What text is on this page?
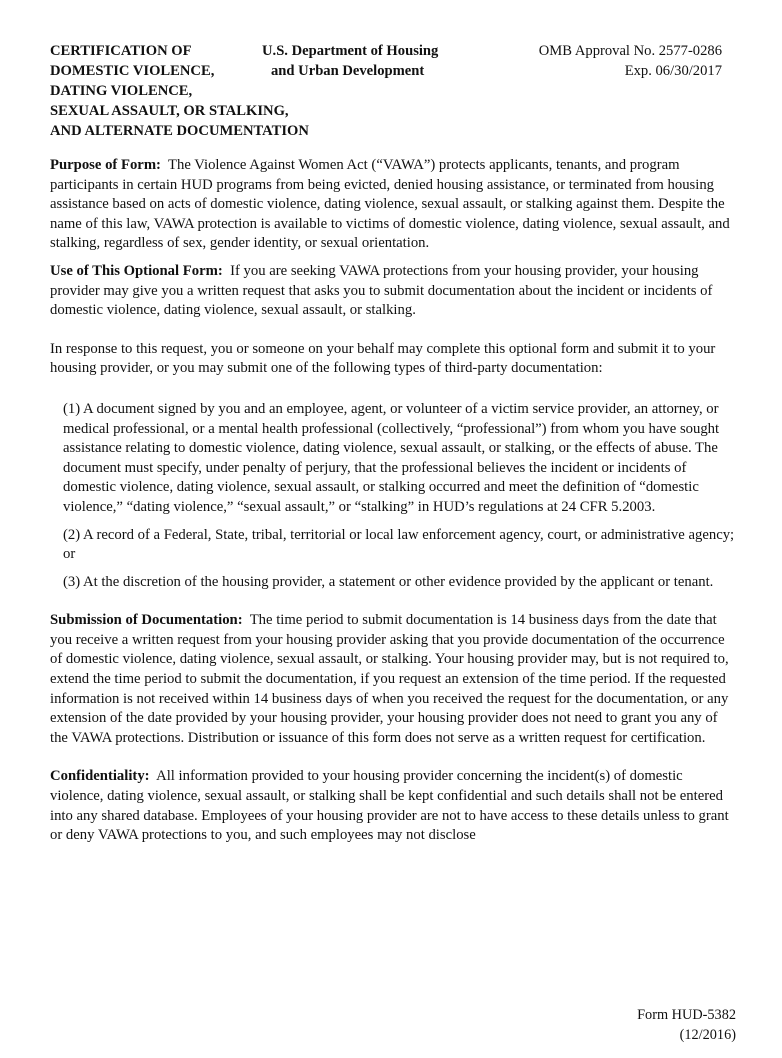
CERTIFICATION OF
DOMESTIC VIOLENCE,
DATING VIOLENCE,
SEXUAL ASSAULT, OR STALKING,
AND ALTERNATE DOCUMENTATION
U.S. Department of Housing
and Urban Development
OMB Approval No. 2577-0286
Exp. 06/30/2017

Purpose of Form: The Violence Against Women Act (“VAWA”) protects applicants, tenants, and program participants in certain HUD programs from being evicted, denied housing assistance, or terminated from housing assistance based on acts of domestic violence, dating violence, sexual assault, or stalking against them. Despite the name of this law, VAWA protection is available to victims of domestic violence, dating violence, sexual assault, and stalking, regardless of sex, gender identity, or sexual orientation.

Use of This Optional Form: If you are seeking VAWA protections from your housing provider, your housing provider may give you a written request that asks you to submit documentation about the incident or incidents of domestic violence, dating violence, sexual assault, or stalking.

In response to this request, you or someone on your behalf may complete this optional form and submit it to your housing provider, or you may submit one of the following types of third-party documentation:

(1) A document signed by you and an employee, agent, or volunteer of a victim service provider, an attorney, or medical professional, or a mental health professional (collectively, “professional”) from whom you have sought assistance relating to domestic violence, dating violence, sexual assault, or stalking, or the effects of abuse. The document must specify, under penalty of perjury, that the professional believes the incident or incidents of domestic violence, dating violence, sexual assault, or stalking occurred and meet the definition of “domestic violence,” “dating violence,” “sexual assault,” or “stalking” in HUD’s regulations at 24 CFR 5.2003.

(2) A record of a Federal, State, tribal, territorial or local law enforcement agency, court, or administrative agency; or

(3) At the discretion of the housing provider, a statement or other evidence provided by the applicant or tenant.

Submission of Documentation: The time period to submit documentation is 14 business days from the date that you receive a written request from your housing provider asking that you provide documentation of the occurrence of domestic violence, dating violence, sexual assault, or stalking. Your housing provider may, but is not required to, extend the time period to submit the documentation, if you request an extension of the time period. If the requested information is not received within 14 business days of when you received the request for the documentation, or any extension of the date provided by your housing provider, your housing provider does not need to grant you any of the VAWA protections. Distribution or issuance of this form does not serve as a written request for certification.

Confidentiality: All information provided to your housing provider concerning the incident(s) of domestic violence, dating violence, sexual assault, or stalking shall be kept confidential and such details shall not be entered into any shared database. Employees of your housing provider are not to have access to these details unless to grant or deny VAWA protections to you, and such employees may not disclose

Form HUD-5382
(12/2016)
